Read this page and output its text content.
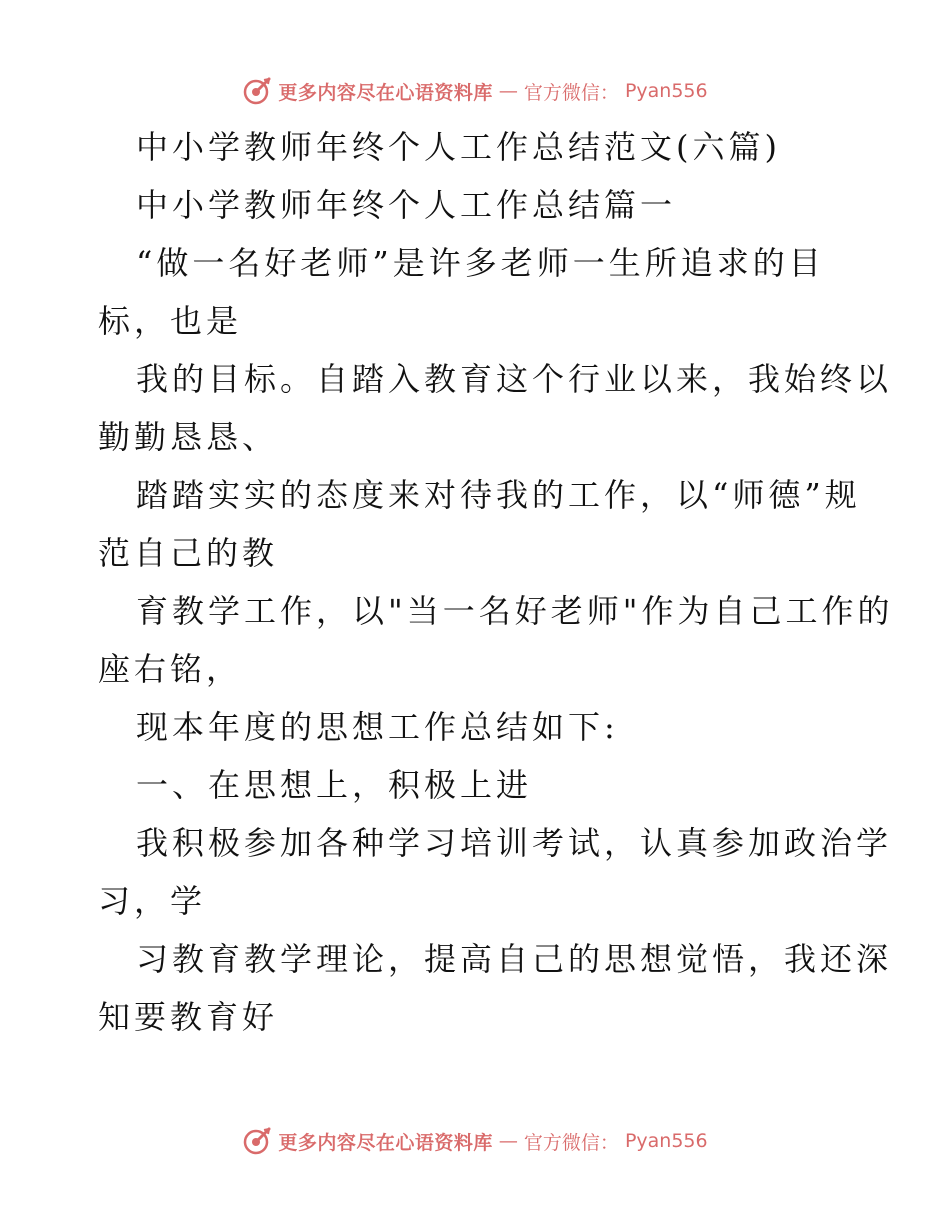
更多内容尽在心语资料库 — 官方微信： Pyan556
中小学教师年终个人工作总结范文(六篇)
中小学教师年终个人工作总结篇一
“做一名好老师”是许多老师一生所追求的目
标，也是
我的目标。自踏入教育这个行业以来，我始终以
勤勤恳恳、
踏踏实实的态度来对待我的工作，以“师德”规
范自己的教
育教学工作，以"当一名好老师"作为自己工作的
座右铭，
现本年度的思想工作总结如下:
一、在思想上，积极上进
我积极参加各种学习培训考试，认真参加政治学
习，学
习教育教学理论，提高自己的思想觉悟，我还深
知要教育好
更多内容尽在心语资料库 — 官方微信： Pyan556
